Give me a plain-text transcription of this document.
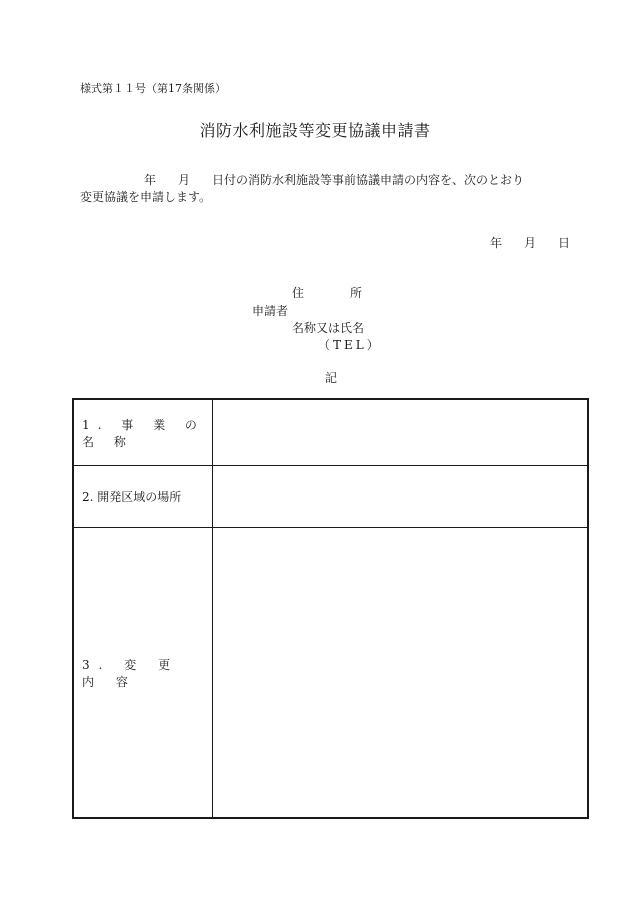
様式第１１号（第17条関係）
消防水利施設等変更協議申請書
年 月 日付の消防水利施設等事前協議申請の内容を、次のとおり
変更協議を申請します。
年 月 日
住	所
申請者
名称又は氏名
（TEL）
記
1. 事 業 の 名 称
2. 開発区域の場所
3. 変 更 内 容
